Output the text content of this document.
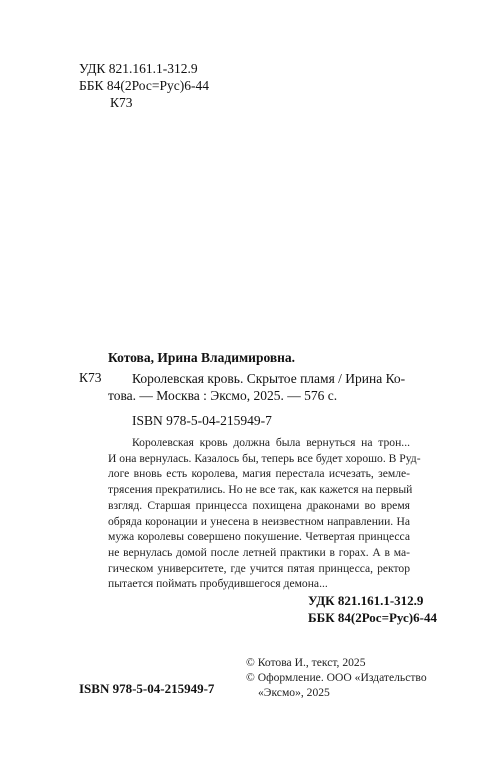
УДК 821.161.1-312.9
ББК 84(2Рос=Рус)6-44
К73
Котова, Ирина Владимировна.
К73	Королевская кровь. Скрытое пламя / Ирина Ко-
това. — Москва : Эксмо, 2025. — 576 с.
ISBN 978-5-04-215949-7
Королевская кровь должна была вернуться на трон...
И она вернулась. Казалось бы, теперь все будет хорошо. В Руд-
логе вновь есть королева, магия перестала исчезать, земле-
трясения прекратились. Но не все так, как кажется на первый
взгляд. Старшая принцесса похищена драконами во время
обряда коронации и унесена в неизвестном направлении. На
мужа королевы совершено покушение. Четвертая принцесса
не вернулась домой после летней практики в горах. А в ма-
гическом университете, где учится пятая принцесса, ректор
пытается поймать пробудившегося демона...
УДК 821.161.1-312.9
ББК 84(2Рос=Рус)6-44
© Котова И., текст, 2025
© Оформление. ООО «Издательство
«Эксмо», 2025
ISBN 978-5-04-215949-7
